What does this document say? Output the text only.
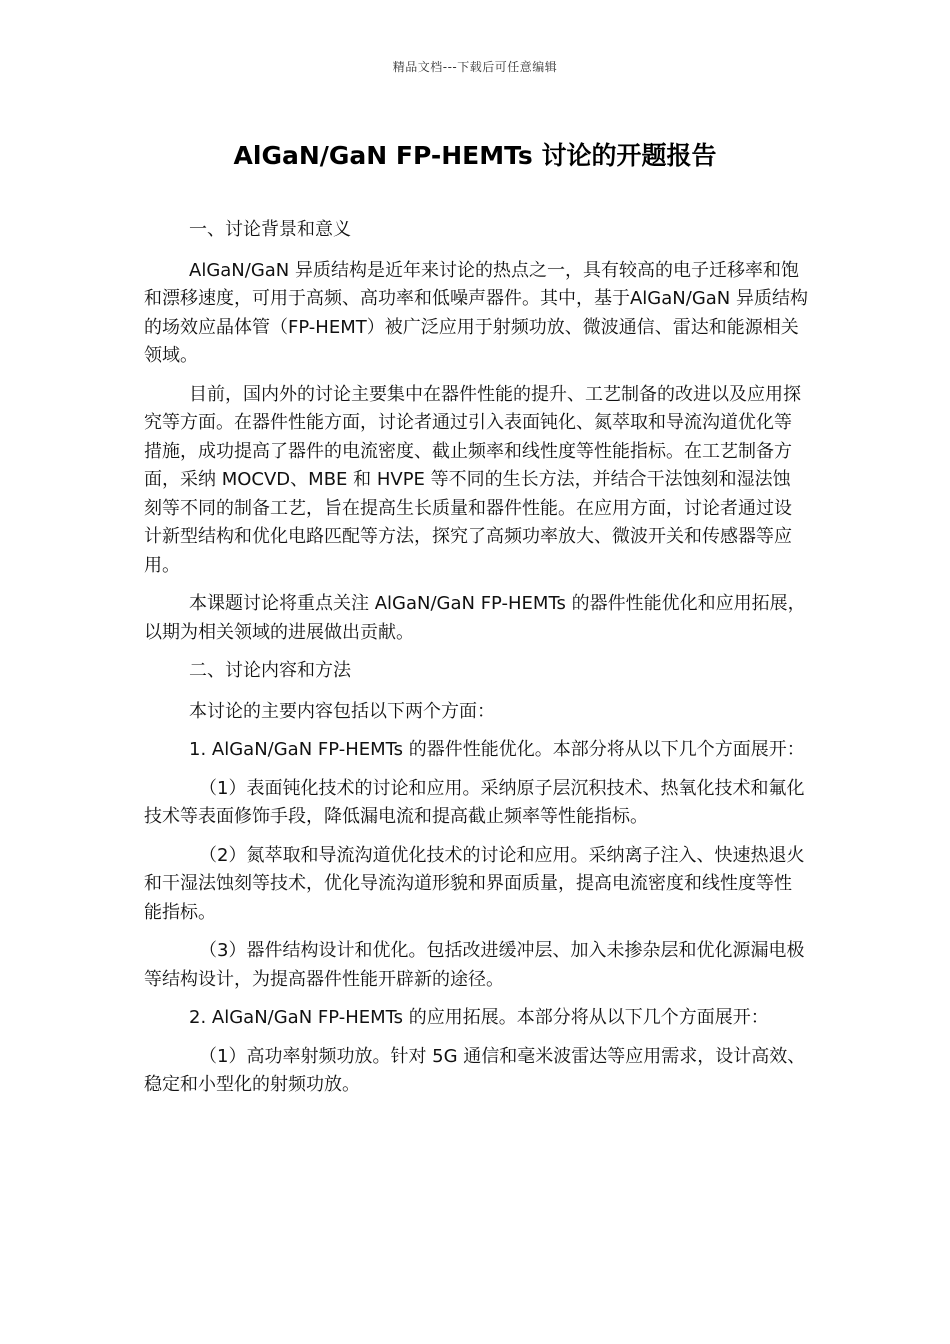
精品文档---下载后可任意编辑
AlGaN/GaN FP-HEMTs 讨论的开题报告

一、讨论背景和意义

AlGaN/GaN 异质结构是近年来讨论的热点之一，具有较高的电子迁移率和饱和漂移速度，可用于高频、高功率和低噪声器件。其中，基于AlGaN/GaN 异质结构的场效应晶体管（FP-HEMT）被广泛应用于射频功放、微波通信、雷达和能源相关领域。

目前，国内外的讨论主要集中在器件性能的提升、工艺制备的改进以及应用探究等方面。在器件性能方面，讨论者通过引入表面钝化、氮萃取和导流沟道优化等措施，成功提高了器件的电流密度、截止频率和线性度等性能指标。在工艺制备方面，采纳 MOCVD、MBE 和 HVPE 等不同的生长方法，并结合干法蚀刻和湿法蚀刻等不同的制备工艺，旨在提高生长质量和器件性能。在应用方面，讨论者通过设计新型结构和优化电路匹配等方法，探究了高频功率放大、微波开关和传感器等应用。

本课题讨论将重点关注 AlGaN/GaN FP-HEMTs 的器件性能优化和应用拓展，以期为相关领域的进展做出贡献。

二、讨论内容和方法

本讨论的主要内容包括以下两个方面：

1. AlGaN/GaN FP-HEMTs 的器件性能优化。本部分将从以下几个方面展开：

（1）表面钝化技术的讨论和应用。采纳原子层沉积技术、热氧化技术和氟化技术等表面修饰手段，降低漏电流和提高截止频率等性能指标。

（2）氮萃取和导流沟道优化技术的讨论和应用。采纳离子注入、快速热退火和干湿法蚀刻等技术，优化导流沟道形貌和界面质量，提高电流密度和线性度等性能指标。

（3）器件结构设计和优化。包括改进缓冲层、加入未掺杂层和优化源漏电极等结构设计，为提高器件性能开辟新的途径。

2. AlGaN/GaN FP-HEMTs 的应用拓展。本部分将从以下几个方面展开：

（1）高功率射频功放。针对 5G 通信和毫米波雷达等应用需求，设计高效、稳定和小型化的射频功放。
